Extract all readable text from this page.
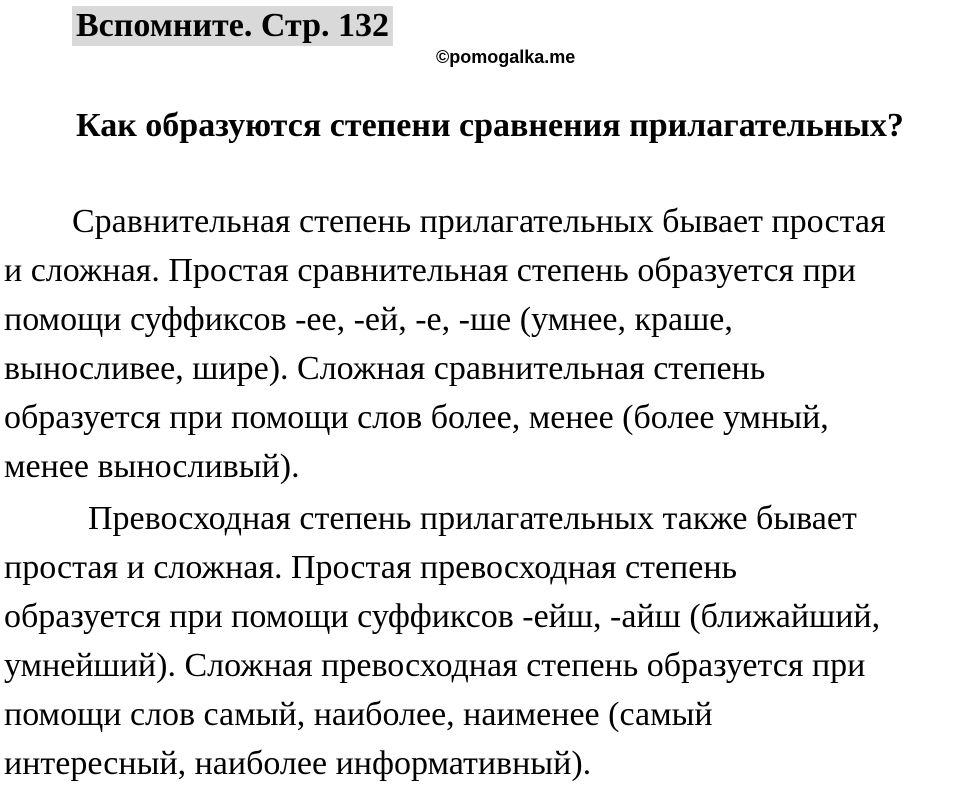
Вспомните. Стр. 132
©pomogalka.me

Как образуются степени сравнения прилагательных?

Сравнительная степень прилагательных бывает простая
и сложная. Простая сравнительная степень образуется при
помощи суффиксов -ее, -ей, -е, -ше (умнее, краше,
выносливее, шире). Сложная сравнительная степень
образуется при помощи слов более, менее (более умный,
менее выносливый).

Превосходная степень прилагательных также бывает
простая и сложная. Простая превосходная степень
образуется при помощи суффиксов -ейш, -айш (ближайший,
умнейший). Сложная превосходная степень образуется при
помощи слов самый, наиболее, наименее (самый
интересный, наиболее информативный).
